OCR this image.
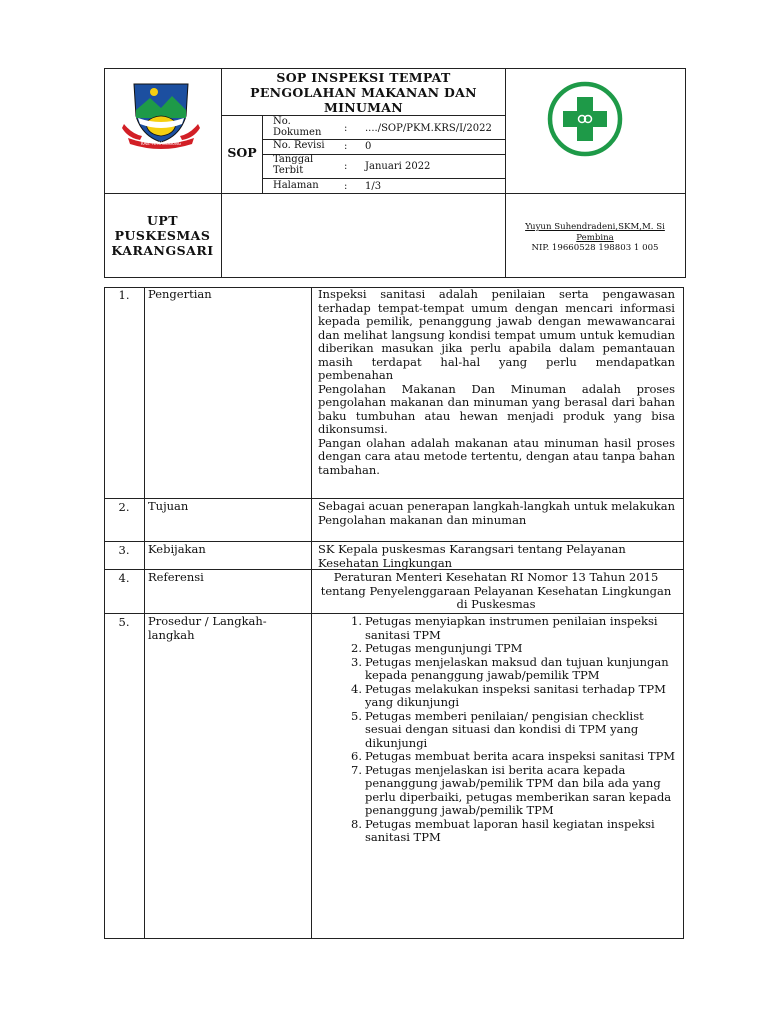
KAB. TEMANGGUNG
SOP INSPEKSI TEMPAT PENGOLAHAN MAKANAN DAN MINUMAN
SOP
No. Dokumen	: ..../SOP/PKM.KRS/I/2022
No. Revisi	: 0
Tanggal Terbit	: Januari 2022
Halaman	: 1/3
UPT PUSKESMAS KARANGSARI
Yuyun Suhendradeni,SKM,M. Si
Pembina
NIP. 19660528 198803 1 005
1.	Pengertian	Inspeksi sanitasi adalah penilaian serta pengawasan terhadap tempat-tempat umum dengan mencari informasi kepada pemilik, penanggung jawab dengan mewawancarai dan melihat langsung kondisi tempat umum untuk kemudian diberikan masukan jika perlu apabila dalam pemantauan masih terdapat hal-hal yang perlu mendapatkan pembenahan
Pengolahan Makanan Dan Minuman adalah proses pengolahan makanan dan minuman yang berasal dari bahan baku tumbuhan atau hewan menjadi produk yang bisa dikonsumsi.
Pangan olahan adalah makanan atau minuman hasil proses dengan cara atau metode tertentu, dengan atau tanpa bahan tambahan.
2.	Tujuan	Sebagai acuan penerapan langkah-langkah untuk melakukan Pengolahan makanan dan minuman
3.	Kebijakan	SK Kepala puskesmas Karangsari tentang Pelayanan Kesehatan Lingkungan
4.	Referensi	Peraturan Menteri Kesehatan RI Nomor 13 Tahun 2015 tentang Penyelenggaraan Pelayanan Kesehatan Lingkungan di Puskesmas
5.	Prosedur / Langkah-langkah
1. Petugas menyiapkan instrumen penilaian inspeksi sanitasi TPM
2. Petugas mengunjungi TPM
3. Petugas menjelaskan maksud dan tujuan kunjungan kepada penanggung jawab/pemilik TPM
4. Petugas melakukan inspeksi sanitasi terhadap TPM yang dikunjungi
5. Petugas memberi penilaian/ pengisian checklist sesuai dengan situasi dan kondisi di TPM yang dikunjungi
6. Petugas membuat berita acara inspeksi sanitasi TPM
7. Petugas menjelaskan isi berita acara kepada penanggung jawab/pemilik TPM dan bila ada yang perlu diperbaiki, petugas memberikan saran kepada penanggung jawab/pemilik TPM
8. Petugas membuat laporan hasil kegiatan inspeksi sanitasi TPM
